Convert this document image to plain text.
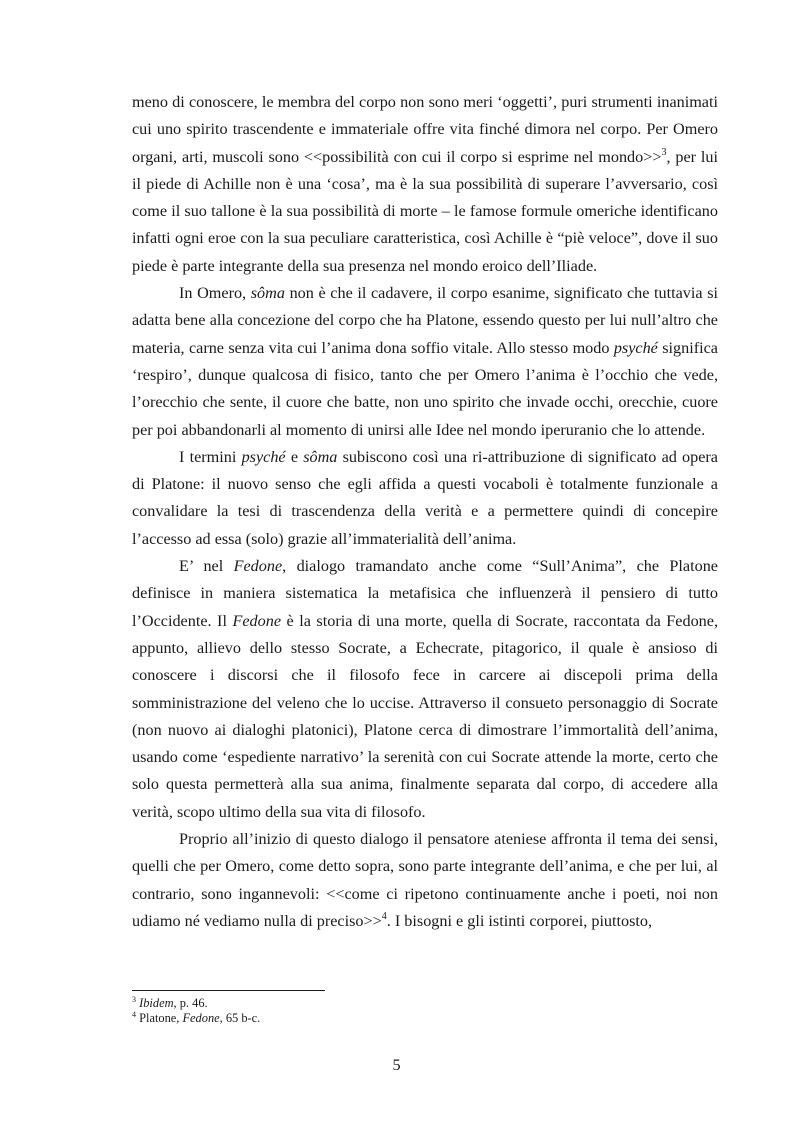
meno di conoscere, le membra del corpo non sono meri ‘oggetti’, puri strumenti inanimati cui uno spirito trascendente e immateriale offre vita finché dimora nel corpo. Per Omero organi, arti, muscoli sono <<possibilità con cui il corpo si esprime nel mondo>>$^3$, per lui il piede di Achille non è una ‘cosa’, ma è la sua possibilità di superare l’avversario, così come il suo tallone è la sua possibilità di morte – le famose formule omeriche identificano infatti ogni eroe con la sua peculiare caratteristica, così Achille è “piè veloce”, dove il suo piede è parte integrante della sua presenza nel mondo eroico dell’Iliade.

In Omero, sôma non è che il cadavere, il corpo esanime, significato che tuttavia si adatta bene alla concezione del corpo che ha Platone, essendo questo per lui null’altro che materia, carne senza vita cui l’anima dona soffio vitale. Allo stesso modo psyché significa ‘respiro’, dunque qualcosa di fisico, tanto che per Omero l’anima è l’occhio che vede, l’orecchio che sente, il cuore che batte, non uno spirito che invade occhi, orecchie, cuore per poi abbandonarli al momento di unirsi alle Idee nel mondo iperuranio che lo attende.

I termini psyché e sôma subiscono così una ri-attribuzione di significato ad opera di Platone: il nuovo senso che egli affida a questi vocaboli è totalmente funzionale a convalidare la tesi di trascendenza della verità e a permettere quindi di concepire l’accesso ad essa (solo) grazie all’immaterialità dell’anima.

E’ nel Fedone, dialogo tramandato anche come “Sull’Anima”, che Platone definisce in maniera sistematica la metafisica che influenzerà il pensiero di tutto l’Occidente. Il Fedone è la storia di una morte, quella di Socrate, raccontata da Fedone, appunto, allievo dello stesso Socrate, a Echecrate, pitagorico, il quale è ansioso di conoscere i discorsi che il filosofo fece in carcere ai discepoli prima della somministrazione del veleno che lo uccise. Attraverso il consueto personaggio di Socrate (non nuovo ai dialoghi platonici), Platone cerca di dimostrare l’immortalità dell’anima, usando come ‘espediente narrativo’ la serenità con cui Socrate attende la morte, certo che solo questa permetterà alla sua anima, finalmente separata dal corpo, di accedere alla verità, scopo ultimo della sua vita di filosofo.

Proprio all’inizio di questo dialogo il pensatore ateniese affronta il tema dei sensi, quelli che per Omero, come detto sopra, sono parte integrante dell’anima, e che per lui, al contrario, sono ingannevoli: <<come ci ripetono continuamente anche i poeti, noi non udiamo né vediamo nulla di preciso>>$^4$. I bisogni e gli istinti corporei, piuttosto,

$^3$ Ibidem, p. 46.

$^4$ Platone, Fedone, 65 b-c.

5
